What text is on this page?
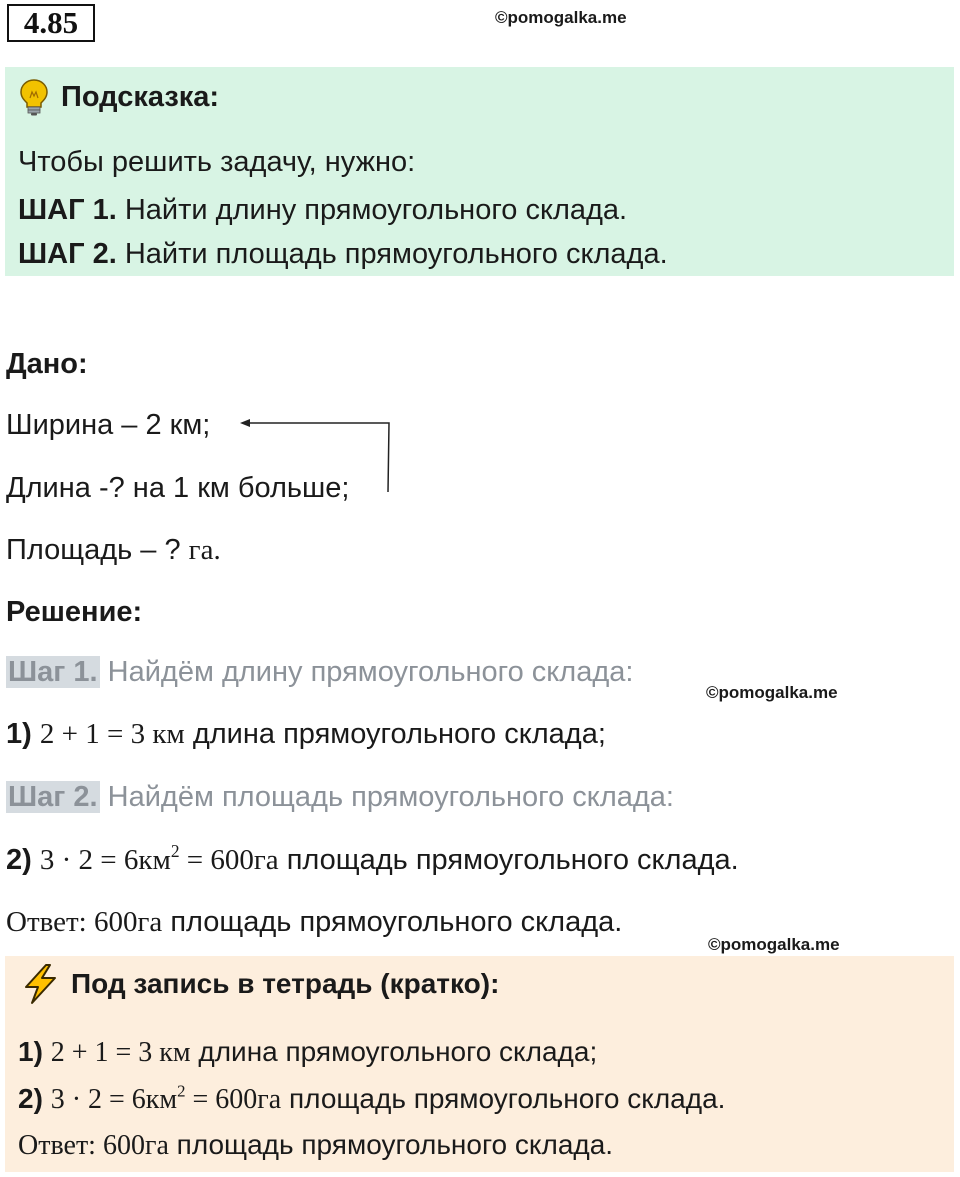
4.85	©pomogalka.me
Подсказка:
Чтобы решить задачу, нужно:
ШАГ 1. Найти длину прямоугольного склада.
ШАГ 2. Найти площадь прямоугольного склада.
Дано:
Ширина – 2 км;
Длина -? на 1 км больше;
Площадь – ? га.
Решение:
Шаг 1. Найдём длину прямоугольного склада:
©pomogalka.me
1) 2 + 1 = 3 км длина прямоугольного склада;
Шаг 2. Найдём площадь прямоугольного склада:
2) $3 \cdot 2 = 6км^2 = 600га$ площадь прямоугольного склада.
Ответ: 600га площадь прямоугольного склада.
©pomogalka.me
Под запись в тетрадь (кратко):
1) 2 + 1 = 3 км длина прямоугольного склада;
2) $3 \cdot 2 = 6км^2 = 600га$ площадь прямоугольного склада.
Ответ: 600га площадь прямоугольного склада.
